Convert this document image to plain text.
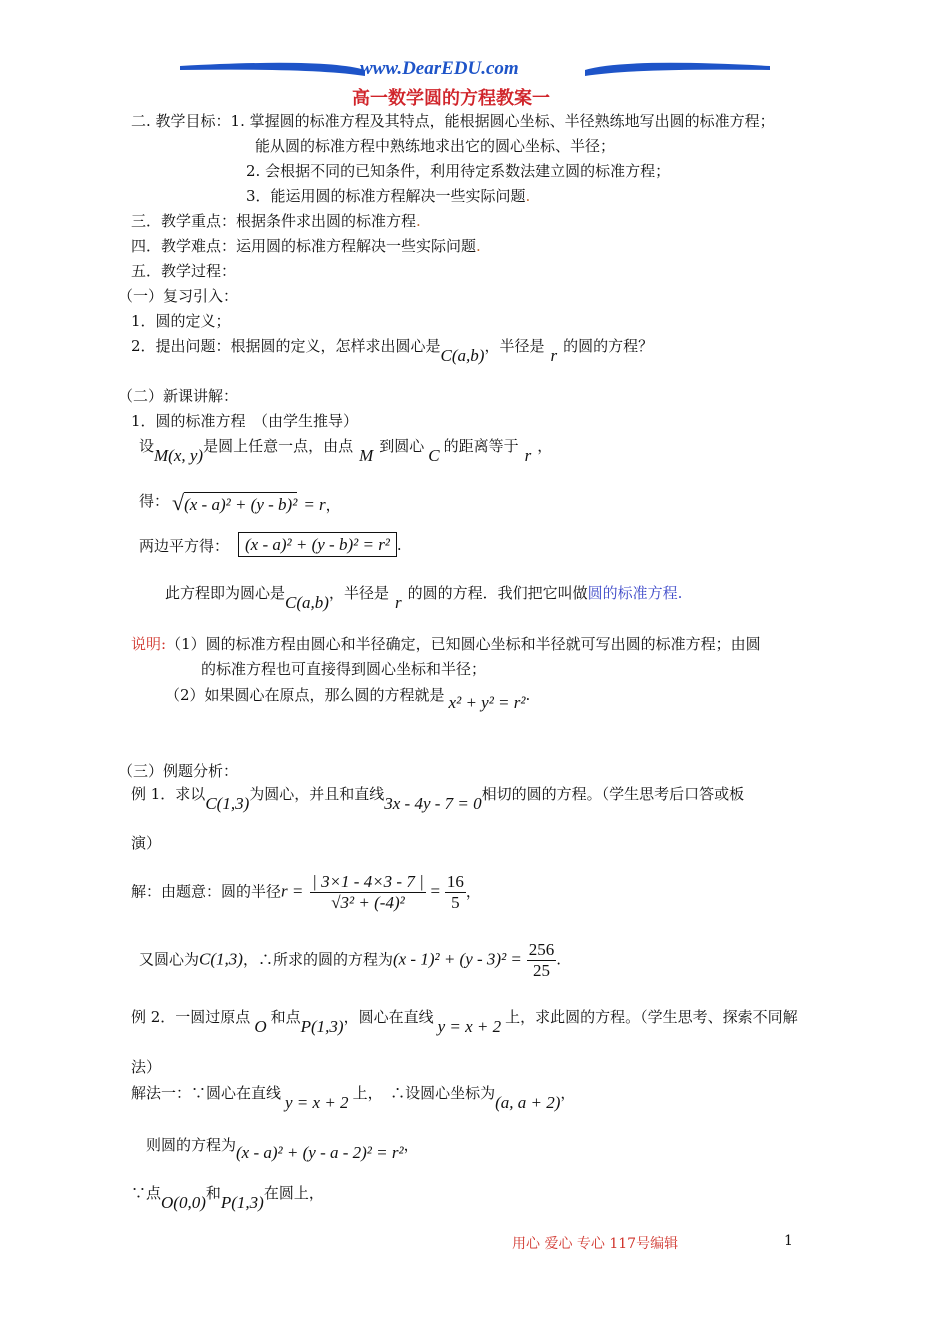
www.DearEDU.com
高一数学圆的方程教案一
二. 教学目标：1. 掌握圆的标准方程及其特点，能根据圆心坐标、半径熟练地写出圆的标准方程；
能从圆的标准方程中熟练地求出它的圆心坐标、半径；
2. 会根据不同的已知条件，利用待定系数法建立圆的标准方程；
3．能运用圆的标准方程解决一些实际问题.
三．教学重点：根据条件求出圆的标准方程.
四．教学难点：运用圆的标准方程解决一些实际问题.
五．教学过程：
（一）复习引入：
1．圆的定义；
2．提出问题：根据圆的定义，怎样求出圆心是C(a,b)，半径是 r 的圆的方程？
（二）新课讲解：
1．圆的标准方程　（由学生推导）
设M(x, y)是圆上任意一点，由点 M 到圆心 C 的距离等于 r ，
得： √(x - a)² + (y - b)² = r，
两边平方得： (x - a)² + (y - b)² = r² .
此方程即为圆心是C(a,b)，半径是 r 的圆的方程．我们把它叫做圆的标准方程.
说明:（1）圆的标准方程由圆心和半径确定，已知圆心坐标和半径就可写出圆的标准方程；由圆
的标准方程也可直接得到圆心坐标和半径；
（2）如果圆心在原点，那么圆的方程就是 x² + y² = r².
（三）例题分析：
例 1．求以C(1,3)为圆心，并且和直线3x - 4y - 7 = 0相切的圆的方程。（学生思考后口答或板
演）
解：由题意：圆的半径$r = \frac{| 3\times 1 - 4\times 3 - 7 |}{\text{√3² + (-4)²}} = \frac{16}{5}$ ，
又圆心为C(1,3)，∴所求的圆的方程为$(x - 1)^2 + (y - 3)^2 = \frac{256}{25}$ .
例 2．一圆过原点 O 和点P(1,3)，圆心在直线 y = x + 2 上，求此圆的方程。（学生思考、探索不同解
法）
解法一：∵圆心在直线 y = x + 2 上，　∴设圆心坐标为(a, a + 2)，
则圆的方程为(x - a)² + (y - a - 2)² = r²，
∵点O(0,0)和P(1,3)在圆上，
用心 爱心 专心 117号编辑	1
